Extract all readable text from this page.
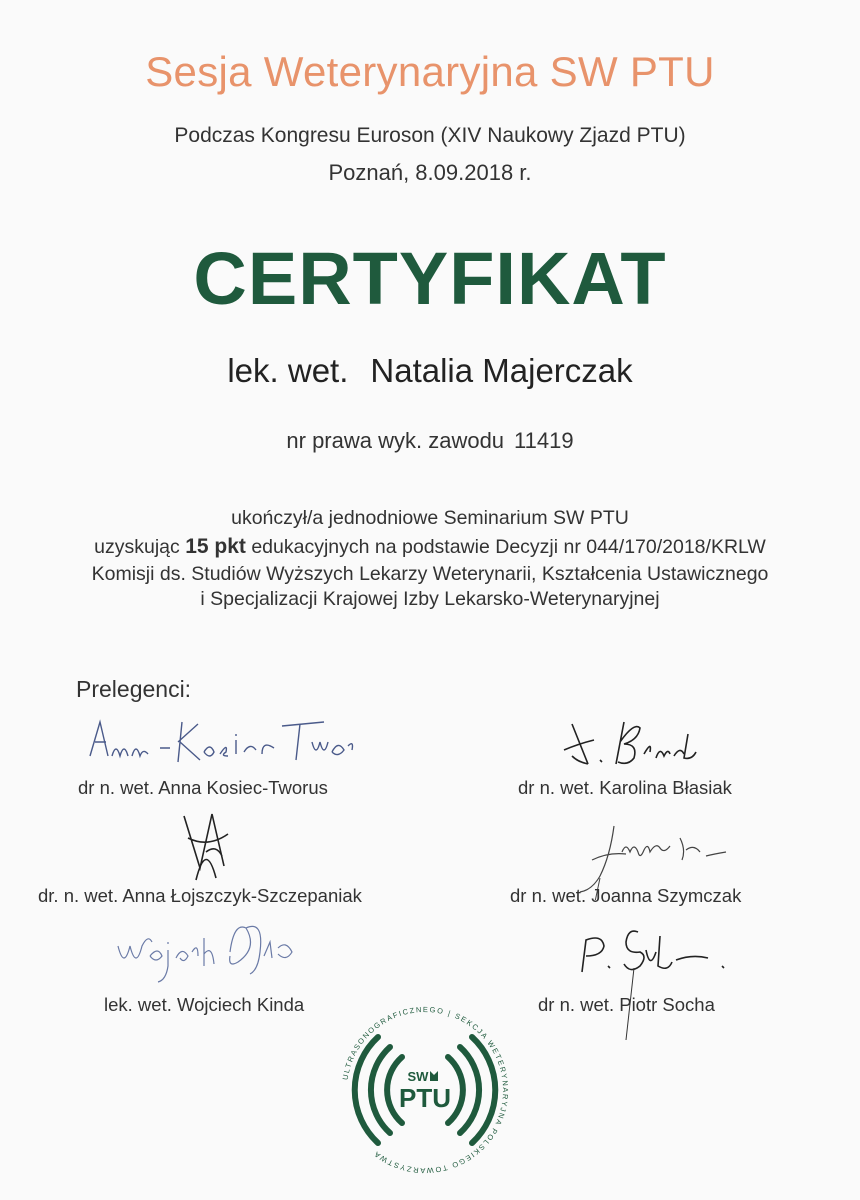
Sesja Weterynaryjna SW PTU
Podczas Kongresu Euroson (XIV Naukowy Zjazd PTU)
Poznań, 8.09.2018 r.
CERTYFIKAT
lek. wet. Natalia Majerczak
nr prawa wyk. zawodu 11419
ukończył/a jednodniowe Seminarium SW PTU
uzyskując 15 pkt edukacyjnych na podstawie Decyzji nr 044/170/2018/KRLW
Komisji ds. Studiów Wyższych Lekarzy Weterynarii, Kształcenia Ustawicznego
i Specjalizacji Krajowej Izby Lekarsko-Weterynaryjnej
Prelegenci:
dr n. wet. Anna Kosiec-Tworus	dr n. wet. Karolina Błasiak
dr. n. wet. Anna Łojszczyk-Szczepaniak	dr n. wet. Joanna Szymczak
lek. wet. Wojciech Kinda	dr n. wet. Piotr Socha
ULTRASONOGRAFICZNEGO | SEKCJA WETERYNARYJNA POLSKIEGO TOWARZYSTWA
SW
PTU
